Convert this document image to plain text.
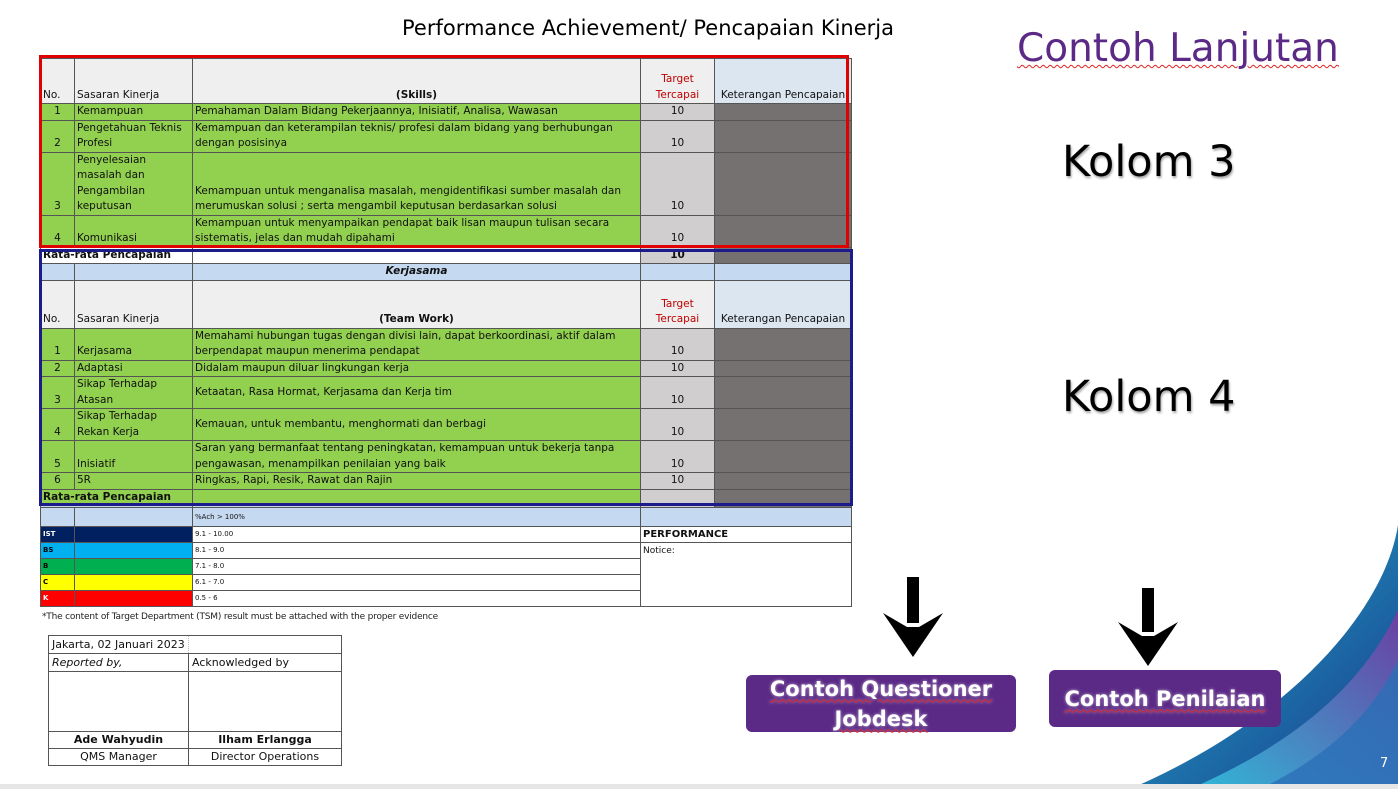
Performance Achievement/ Pencapaian Kinerja	Contoh Lanjutan
Kolom 3
Kolom 4
No.	Sasaran Kinerja	(Skills)	Target Tercapai	Keterangan Pencapaian
1	Kemampuan	Pemahaman Dalam Bidang Pekerjaannya, Inisiatif, Analisa, Wawasan	10	
2	Pengetahuan Teknis Profesi	Kemampuan dan keterampilan teknis/ profesi dalam bidang yang berhubungan dengan posisinya	10	
3	Penyelesaian masalah dan Pengambilan keputusan	Kemampuan untuk menganalisa masalah, mengidentifikasi sumber masalah dan merumuskan solusi ; serta mengambil keputusan berdasarkan solusi	10	
4	Komunikasi	Kemampuan untuk menyampaikan pendapat baik lisan maupun tulisan secara sistematis, jelas dan mudah dipahami	10	
Rata-rata Pencapaian			10	
		Kerjasama		
No.	Sasaran Kinerja	(Team Work)	Target Tercapai	Keterangan Pencapaian
1	Kerjasama	Memahami hubungan tugas dengan divisi lain, dapat berkoordinasi, aktif dalam berpendapat maupun menerima pendapat	10	
2	Adaptasi	Didalam maupun diluar lingkungan kerja	10	
3	Sikap Terhadap Atasan	Ketaatan, Rasa Hormat, Kerjasama dan Kerja tim	10	
4	Sikap Terhadap Rekan Kerja	Kemauan, untuk membantu, menghormati dan berbagi	10	
5	Inisiatif	Saran yang bermanfaat tentang peningkatan, kemampuan untuk bekerja tanpa pengawasan, menampilkan penilaian yang baik	10	
6	5R	Ringkas, Rapi, Resik, Rawat dan Rajin	10	
Rata-rata Pencapaian				

		%Ach > 100%	
IST		9.1 - 10.00	PERFORMANCE
BS		8.1 - 9.0	Notice:
B		7.1 - 8.0	
C		6.1 - 7.0	
K		0.5 - 6	
*The content of Target Department (TSM) result must be attached with the proper evidence
Jakarta, 02 Januari 2023	
Reported by,	Acknowledged by

Ade Wahyudin	Ilham Erlangga
QMS Manager	Director Operations
Contoh Questioner
Jobdesk
Contoh Penilaian
7
